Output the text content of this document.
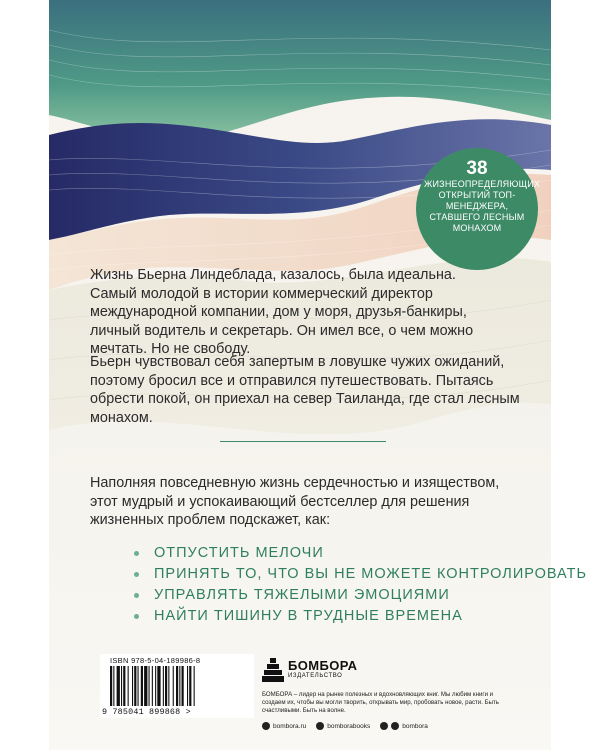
38
ЖИЗНЕОПРЕДЕЛЯЮЩИХ ОТКРЫТИЙ ТОП-МЕНЕДЖЕРА, СТАВШЕГО ЛЕСНЫМ МОНАХОМ

Жизнь Бьерна Линдеблада, казалось, была идеальна. Самый молодой в истории коммерческий директор международной компании, дом у моря, друзья-банкиры, личный водитель и секретарь. Он имел все, о чем можно мечтать. Но не свободу.

Бьерн чувствовал себя запертым в ловушке чужих ожиданий, поэтому бросил все и отправился путешествовать. Пытаясь обрести покой, он приехал на север Таиланда, где стал лесным монахом.

Наполняя повседневную жизнь сердечностью и изяществом, этот мудрый и успокаивающий бестселлер для решения жизненных проблем подскажет, как:

ОТПУСТИТЬ МЕЛОЧИ
ПРИНЯТЬ ТО, ЧТО ВЫ НЕ МОЖЕТЕ КОНТРОЛИРОВАТЬ
УПРАВЛЯТЬ ТЯЖЕЛЫМИ ЭМОЦИЯМИ
НАЙТИ ТИШИНУ В ТРУДНЫЕ ВРЕМЕНА
ISBN 978-5-04-189986-8
9 785041 899868 >
БОМБОРА
ИЗДАТЕЛЬСТВО

БОМБОРА – лидер на рынке полезных и вдохновляющих книг. Мы любим книги и создаем их, чтобы вы могли творить, открывать мир, пробовать новое, расти. Быть счастливыми. Быть на волне.

bombora.ru	bomborabooks	bombora
